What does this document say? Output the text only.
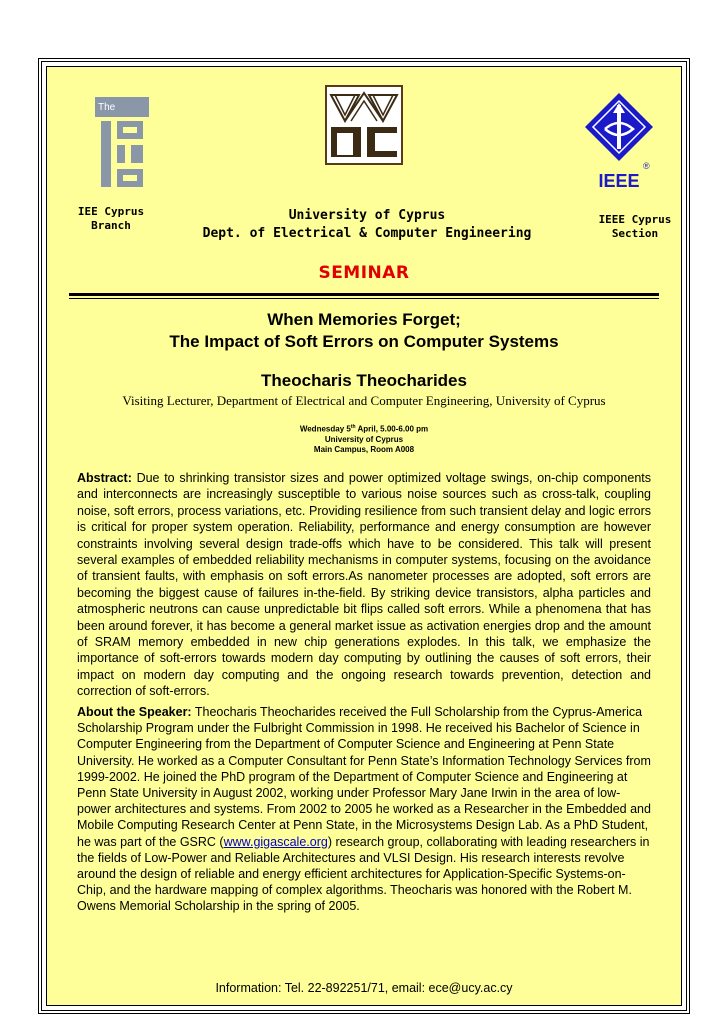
The
®
IEEE
IEE Cyprus
Branch
University of Cyprus
Dept. of Electrical & Computer Engineering
IEEE Cyprus
Section
SEMINAR
When Memories Forget;
The Impact of Soft Errors on Computer Systems
Theocharis Theocharides
Visiting Lecturer, Department of Electrical and Computer Engineering, University of Cyprus
Wednesday 5th April, 5.00-6.00 pm
University of Cyprus
Main Campus, Room A008
Abstract: Due to shrinking transistor sizes and power optimized voltage swings, on-chip components and interconnects are increasingly susceptible to various noise sources such as cross-talk, coupling noise, soft errors, process variations, etc. Providing resilience from such transient delay and logic errors is critical for proper system operation. Reliability, performance and energy consumption are however constraints involving several design trade-offs which have to be considered. This talk will present several examples of embedded reliability mechanisms in computer systems, focusing on the avoidance of transient faults, with emphasis on soft errors.As nanometer processes are adopted, soft errors are becoming the biggest cause of failures in-the-field. By striking device transistors, alpha particles and atmospheric neutrons can cause unpredictable bit flips called soft errors. While a phenomena that has been around forever, it has become a general market issue as activation energies drop and the amount of SRAM memory embedded in new chip generations explodes. In this talk, we emphasize the importance of soft-errors towards modern day computing by outlining the causes of soft errors, their impact on modern day computing and the ongoing research towards prevention, detection and correction of soft-errors.
About the Speaker: Theocharis Theocharides received the Full Scholarship from the Cyprus-America Scholarship Program under the Fulbright Commission in 1998. He received his Bachelor of Science in Computer Engineering from the Department of Computer Science and Engineering at Penn State University. He worked as a Computer Consultant for Penn State’s Information Technology Services from 1999-2002. He joined the PhD program of the Department of Computer Science and Engineering at Penn State University in August 2002, working under Professor Mary Jane Irwin in the area of low-power architectures and systems. From 2002 to 2005 he worked as a Researcher in the Embedded and Mobile Computing Research Center at Penn State, in the Microsystems Design Lab. As a PhD Student, he was part of the GSRC (www.gigascale.org) research group, collaborating with leading researchers in the fields of Low-Power and Reliable Architectures and VLSI Design. His research interests revolve around the design of reliable and energy efficient architectures for Application-Specific Systems-on-Chip, and the hardware mapping of complex algorithms. Theocharis was honored with the Robert M. Owens Memorial Scholarship in the spring of 2005.
Information: Tel. 22-892251/71, email: ece@ucy.ac.cy
